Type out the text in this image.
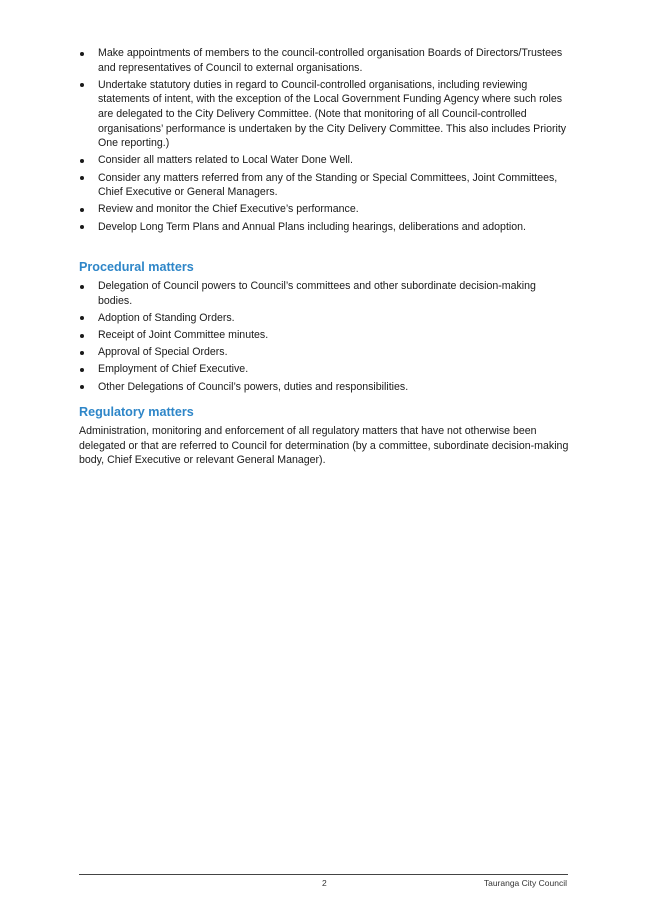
Make appointments of members to the council-controlled organisation Boards of Directors/Trustees and representatives of Council to external organisations.
Undertake statutory duties in regard to Council-controlled organisations, including reviewing statements of intent, with the exception of the Local Government Funding Agency where such roles are delegated to the City Delivery Committee. (Note that monitoring of all Council-controlled organisations’ performance is undertaken by the City Delivery Committee. This also includes Priority One reporting.)
Consider all matters related to Local Water Done Well.
Consider any matters referred from any of the Standing or Special Committees, Joint Committees, Chief Executive or General Managers.
Review and monitor the Chief Executive’s performance.
Develop Long Term Plans and Annual Plans including hearings, deliberations and adoption.
Procedural matters
Delegation of Council powers to Council’s committees and other subordinate decision-making bodies.
Adoption of Standing Orders.
Receipt of Joint Committee minutes.
Approval of Special Orders.
Employment of Chief Executive.
Other Delegations of Council’s powers, duties and responsibilities.
Regulatory matters

Administration, monitoring and enforcement of all regulatory matters that have not otherwise been delegated or that are referred to Council for determination (by a committee, subordinate decision-making body, Chief Executive or relevant General Manager).

2	Tauranga City Council
